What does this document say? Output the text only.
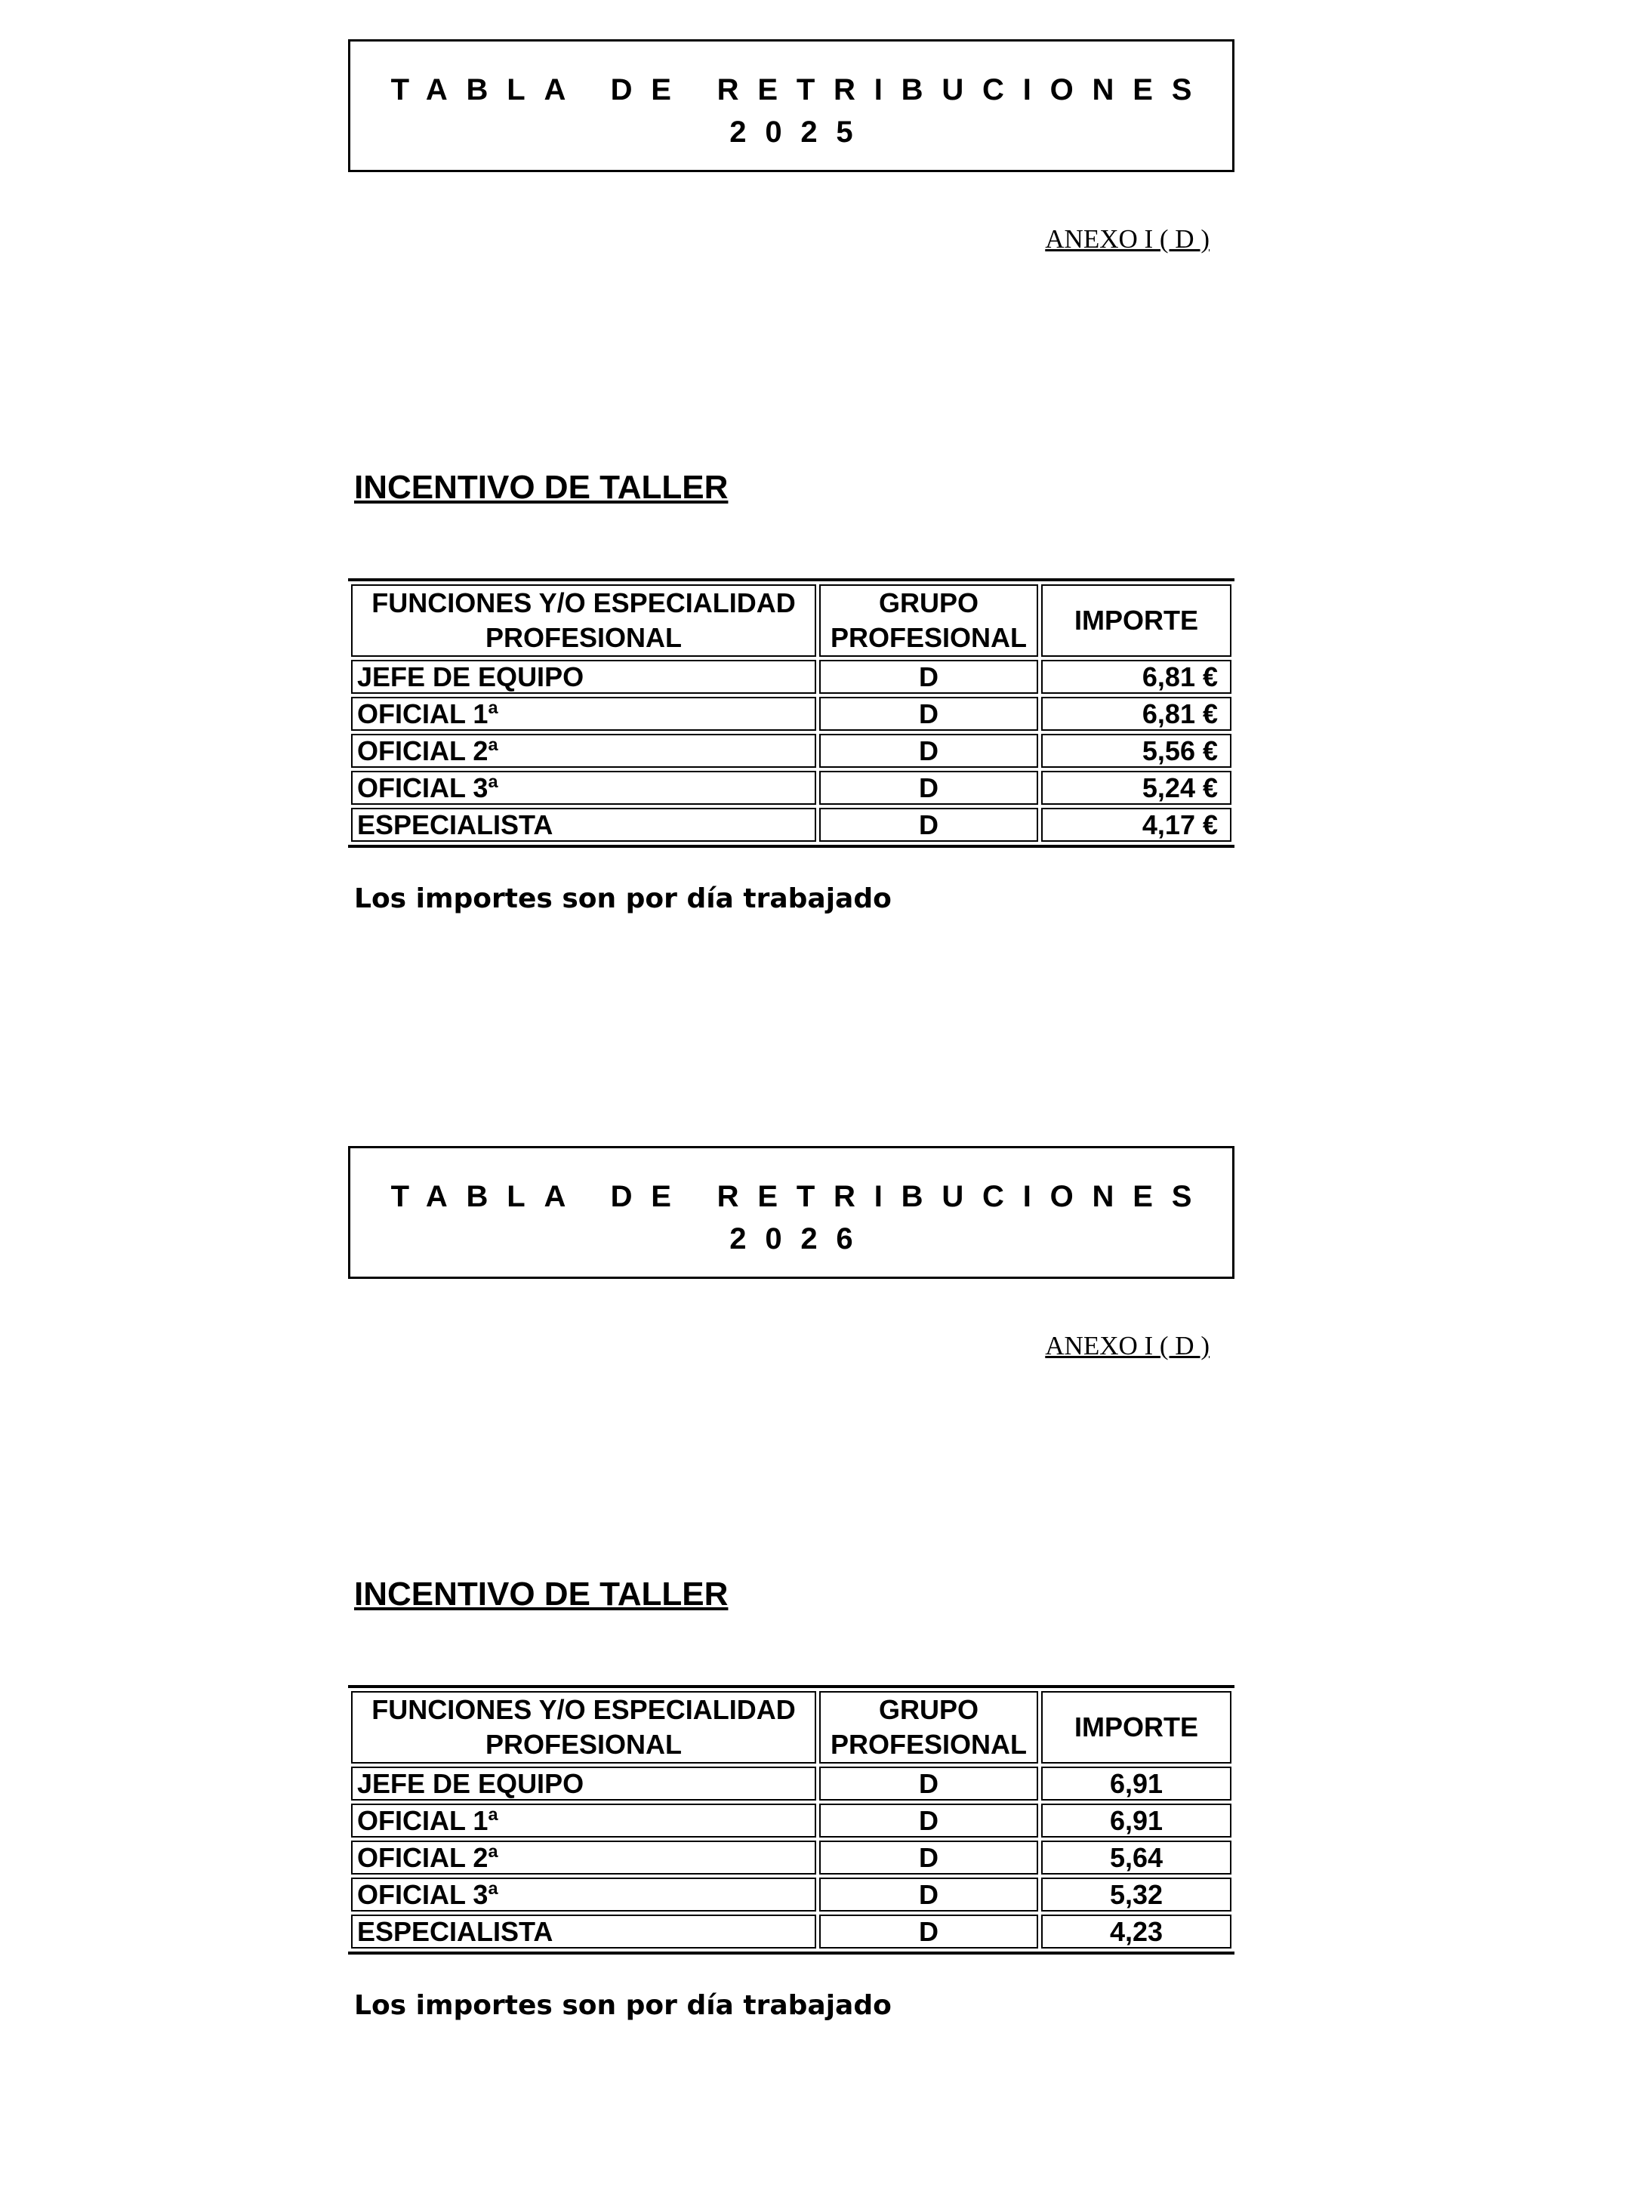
TABLA DE RETRIBUCIONES
2025
ANEXO I ( D )
INCENTIVO DE TALLER
FUNCIONES Y/O ESPECIALIDAD PROFESIONAL	GRUPO PROFESIONAL	IMPORTE
JEFE DE EQUIPO	D	6,81 €
OFICIAL 1ª	D	6,81 €
OFICIAL 2ª	D	5,56 €
OFICIAL 3ª	D	5,24 €
ESPECIALISTA	D	4,17 €
Los importes son por día trabajado
TABLA DE RETRIBUCIONES
2026
ANEXO I ( D )
INCENTIVO DE TALLER
FUNCIONES Y/O ESPECIALIDAD PROFESIONAL	GRUPO PROFESIONAL	IMPORTE
JEFE DE EQUIPO	D	6,91
OFICIAL 1ª	D	6,91
OFICIAL 2ª	D	5,64
OFICIAL 3ª	D	5,32
ESPECIALISTA	D	4,23
Los importes son por día trabajado
